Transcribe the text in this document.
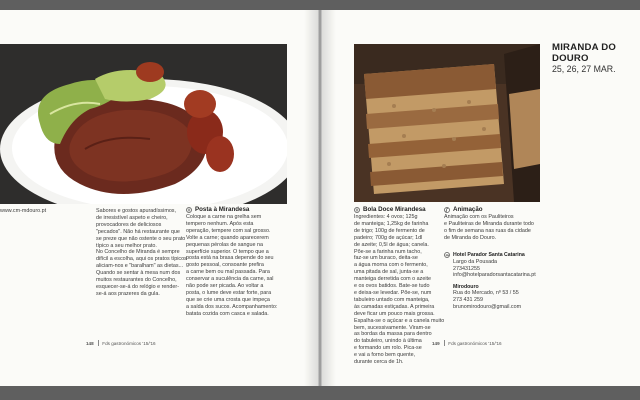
www.cm-mdouro.pt	Sabores e gostos apuradíssimos,

de irresistível aspeto e cheiro,

provocadores de deliciosos

"pecados". Não há restaurante que

se preze que não ostente o seu prato

típico a seu melhor prato.

No Concelho de Miranda é sempre

difícil a escolha, aqui os pratos típicos

aliciam-nos e "baralham" as dietas...

Quando se sentar à mesa num dos

muitos restaurantes do Concelho,

esquecer-se-á do relógio e render-

se-á aos prazeres da gula.

Posta à Mirandesa

Coloque a carne na grelha sem

tempero nenhum. Após esta

operação, tempere com sal grosso.

Volte a carne; quando aparecerem

pequenas pérolas de sangue na

superfície superior. O tempo que a

posta está na brasa depende do seu

gosto pessoal, consoante prefira

a carne bem ou mal passada. Para

conservar a suculência da carne, sal

não pode ser picada. Ao voltar a

posta, o lume deve estar forte, para

que se crie uma crosta que impeça

a saída dos sucos. Acompanhamento:

batata cozida com casca e salada.

148 Fds gastronómicos '15/'16
MIRANDA DO DOURO
25, 26, 27 MAR.
Bola Doce Mirandesa

Ingredientes: 4 ovos; 125g

de manteiga; 1,25kg de farinha

de trigo; 100g de fermento de

padeiro; 700g de açúcar; 1dl

de azeite; 0,5l de água; canela.

Põe-se a farinha num tacho,

faz-se um buraco, deita-se

a água morna com o fermento,

uma pitada de sal, junta-se a

manteiga derretida com o azeite

e os ovos batidos. Bate-se tudo

e deixa-se levedar. Põe-se, num

tabuleiro untado com manteiga,

às camadas estiçadas. A primeira

deve ficar um pouco mais grossa.

Espalha-se o açúcar e a canela muito

bem, sucessivamente. Viram-se

as bordas da massa para dentro

do tabuleiro, unindo à última

e formando um rolo. Pica-se

e vai a forno bem quente,

durante cerca de 1h.

Animação

Animação com os Pauliteiros

e Pauliteiras de Miranda durante todo

o fim de semana nas ruas da cidade

de Miranda do Douro.

Hotel Parador Santa Catarina

Largo da Pousada

273431255

info@hotelparadorsantacatarina.pt

Mirodouro

Rua do Mercado, nº 53 / 55

273 431 259

brunomirodouro@gmail.com

149 Fds gastronómicos '15/'16
